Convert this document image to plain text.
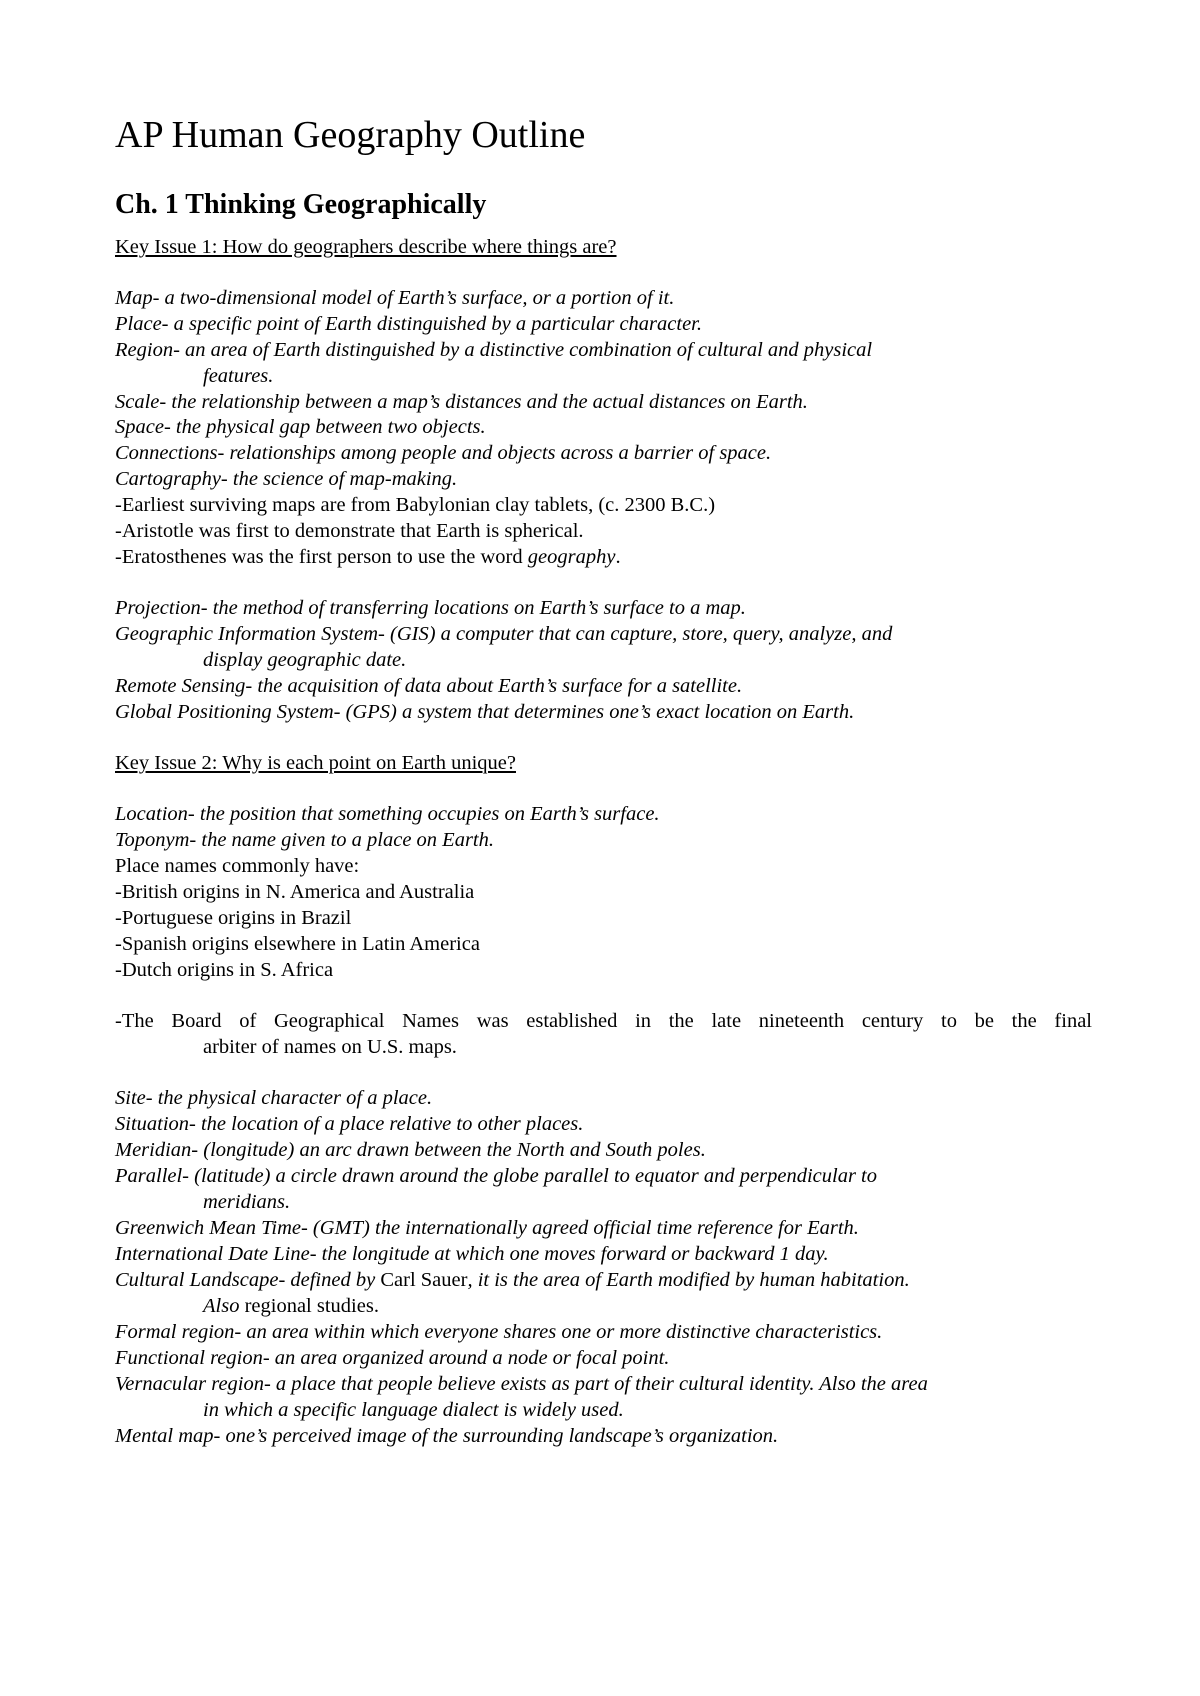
AP Human Geography Outline
Ch. 1 Thinking Geographically
Key Issue 1: How do geographers describe where things are?
Map- a two-dimensional model of Earth’s surface, or a portion of it.
Place- a specific point of Earth distinguished by a particular character.
Region- an area of Earth distinguished by a distinctive combination of cultural and physical
features.
Scale- the relationship between a map’s distances and the actual distances on Earth.
Space- the physical gap between two objects.
Connections- relationships among people and objects across a barrier of space.
Cartography- the science of map-making.
-Earliest surviving maps are from Babylonian clay tablets, (c. 2300 B.C.)
-Aristotle was first to demonstrate that Earth is spherical.
-Eratosthenes was the first person to use the word geography.
Projection- the method of transferring locations on Earth’s surface to a map.
Geographic Information System- (GIS) a computer that can capture, store, query, analyze, and
display geographic date.
Remote Sensing- the acquisition of data about Earth’s surface for a satellite.
Global Positioning System- (GPS) a system that determines one’s exact location on Earth.
Key Issue 2: Why is each point on Earth unique?
Location- the position that something occupies on Earth’s surface.
Toponym- the name given to a place on Earth.
Place names commonly have:
-British origins in N. America and Australia
-Portuguese origins in Brazil
-Spanish origins elsewhere in Latin America
-Dutch origins in S. Africa
-The Board of Geographical Names was established in the late nineteenth century to be the final
arbiter of names on U.S. maps.
Site- the physical character of a place.
Situation- the location of a place relative to other places.
Meridian- (longitude) an arc drawn between the North and South poles.
Parallel- (latitude) a circle drawn around the globe parallel to equator and perpendicular to
meridians.
Greenwich Mean Time- (GMT) the internationally agreed official time reference for Earth.
International Date Line- the longitude at which one moves forward or backward 1 day.
Cultural Landscape- defined by Carl Sauer, it is the area of Earth modified by human habitation.
Also regional studies.
Formal region- an area within which everyone shares one or more distinctive characteristics.
Functional region- an area organized around a node or focal point.
Vernacular region- a place that people believe exists as part of their cultural identity. Also the area
in which a specific language dialect is widely used.
Mental map- one’s perceived image of the surrounding landscape’s organization.
